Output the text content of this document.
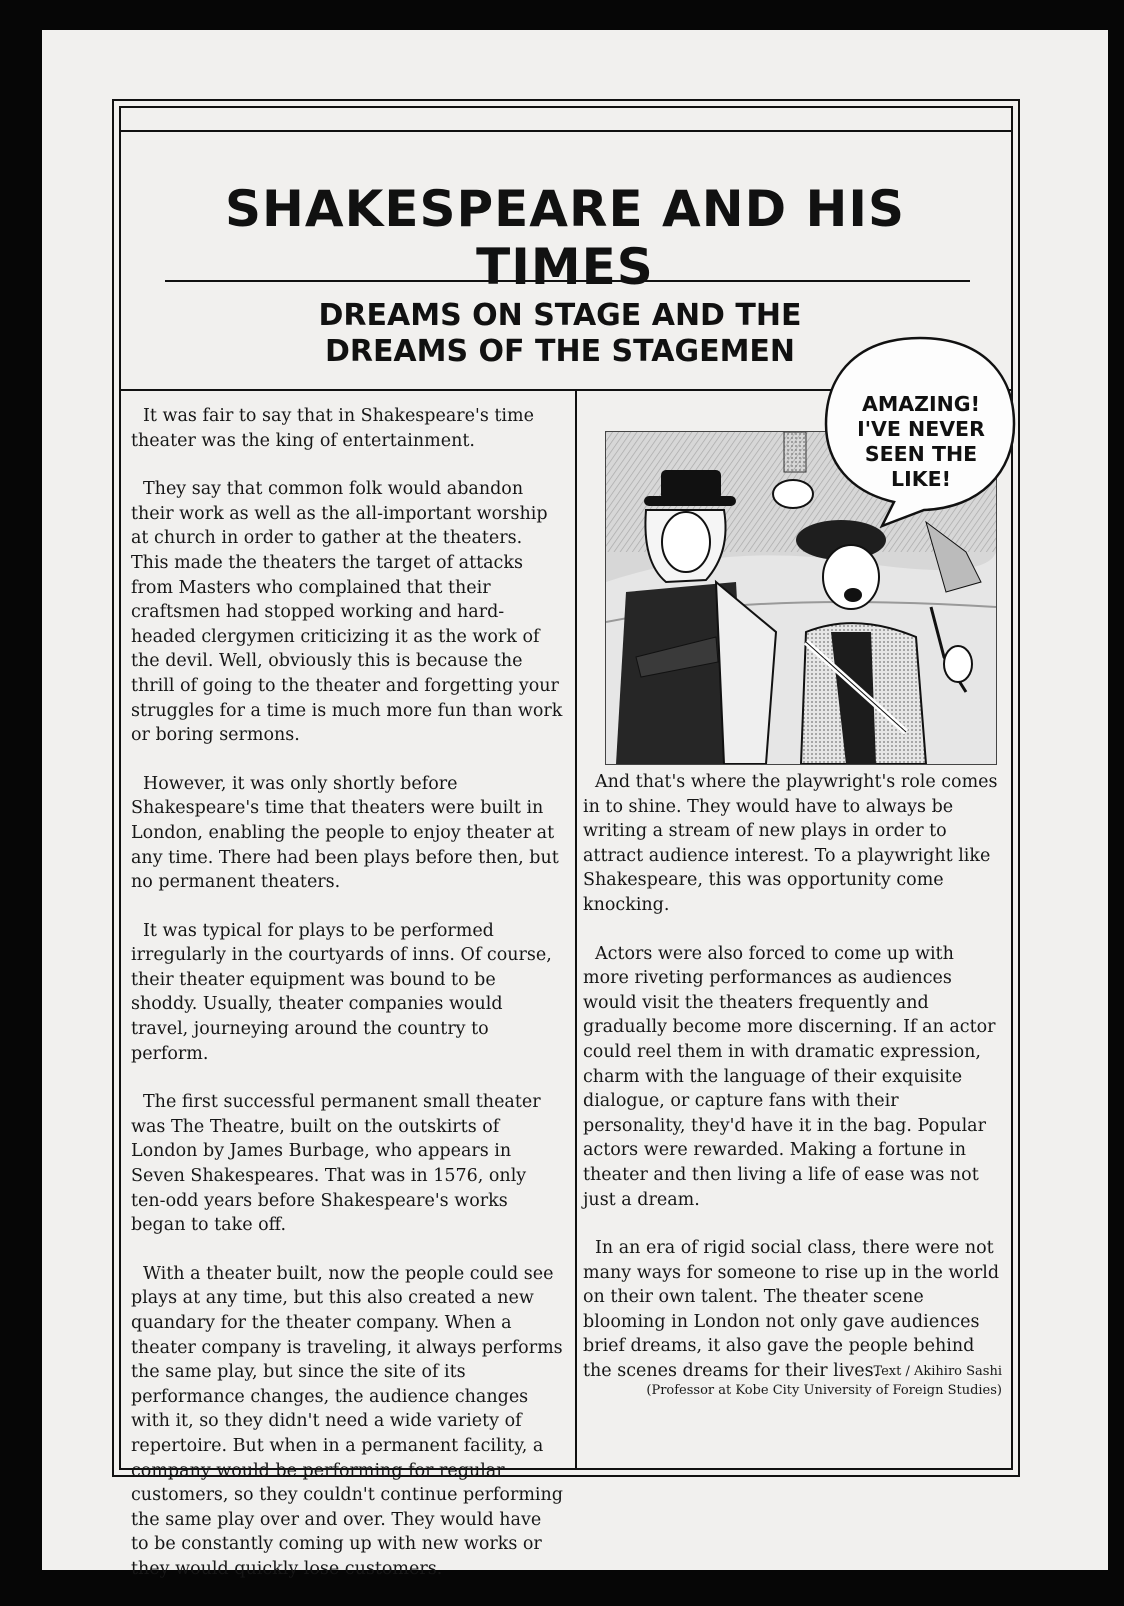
SHAKESPEARE AND HIS TIMES
DREAMS ON STAGE AND THE
DREAMS OF THE STAGEMEN

It was fair to say that in Shakespeare's time theater was the king of entertainment.

They say that common folk would abandon their work as well as the all-important worship at church in order to gather at the theaters. This made the theaters the target of attacks from Masters who complained that their craftsmen had stopped working and hard-headed clergymen criticizing it as the work of the devil. Well, obviously this is because the thrill of going to the theater and forgetting your struggles for a time is much more fun than work or boring sermons.

However, it was only shortly before Shakespeare's time that theaters were built in London, enabling the people to enjoy theater at any time. There had been plays before then, but no permanent theaters.

It was typical for plays to be performed irregularly in the courtyards of inns. Of course, their theater equipment was bound to be shoddy. Usually, theater companies would travel, journeying around the country to perform.

The first successful permanent small theater was The Theatre, built on the outskirts of London by James Burbage, who appears in Seven Shakespeares. That was in 1576, only ten-odd years before Shakespeare's works began to take off.

With a theater built, now the people could see plays at any time, but this also created a new quandary for the theater company. When a theater company is traveling, it always performs the same play, but since the site of its performance changes, the audience changes with it, so they didn't need a wide variety of repertoire. But when in a permanent facility, a company would be performing for regular customers, so they couldn't continue performing the same play over and over. They would have to be constantly coming up with new works or they would quickly lose customers.

AMAZING!
I'VE NEVER
SEEN THE
LIKE!

And that's where the playwright's role comes in to shine. They would have to always be writing a stream of new plays in order to attract audience interest. To a playwright like Shakespeare, this was opportunity come knocking.

Actors were also forced to come up with more riveting performances as audiences would visit the theaters frequently and gradually become more discerning. If an actor could reel them in with dramatic expression, charm with the language of their exquisite dialogue, or capture fans with their personality, they'd have it in the bag. Popular actors were rewarded. Making a fortune in theater and then living a life of ease was not just a dream.

In an era of rigid social class, there were not many ways for someone to rise up in the world on their own talent. The theater scene blooming in London not only gave audiences brief dreams, it also gave the people behind the scenes dreams for their lives.

Text / Akihiro Sashi
(Professor at Kobe City University of Foreign Studies)
